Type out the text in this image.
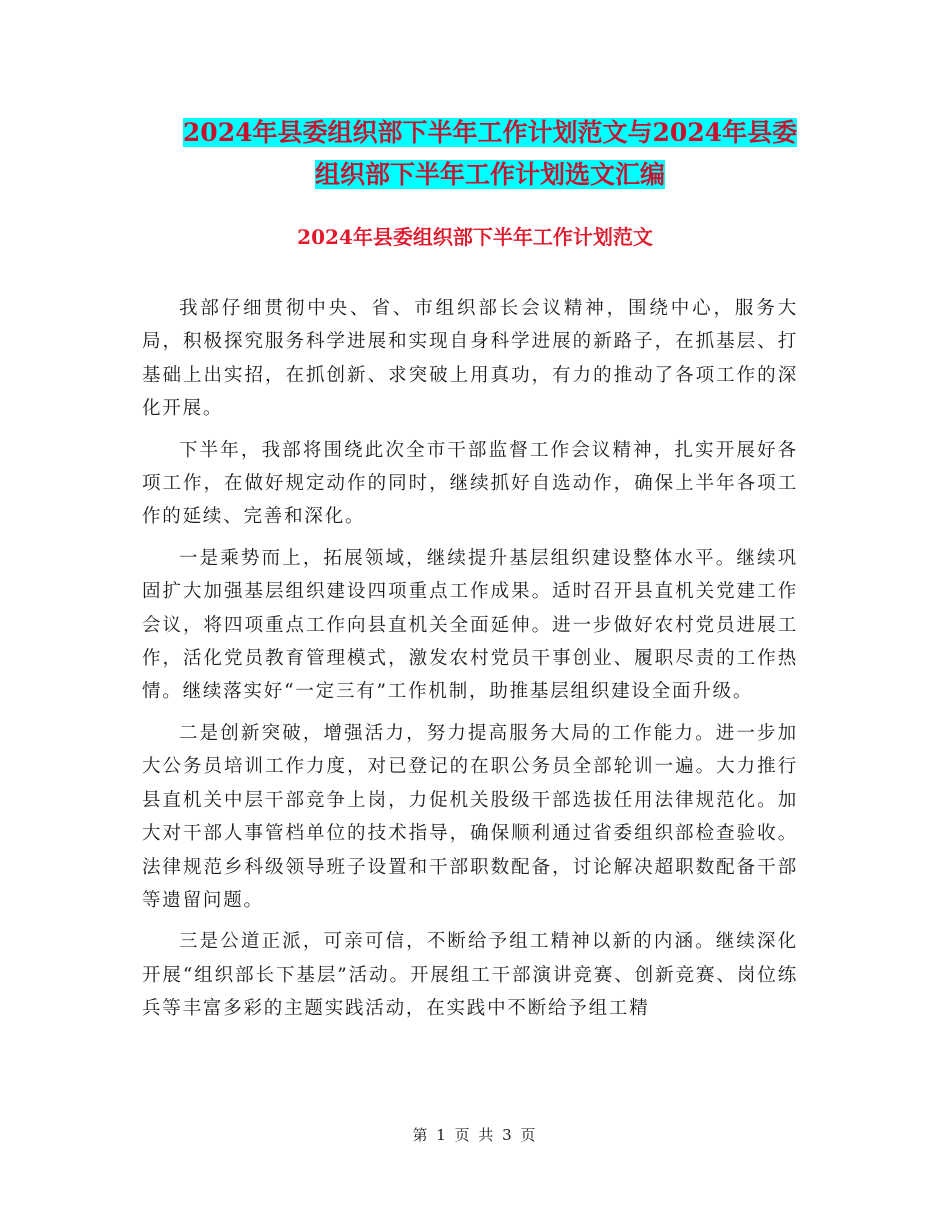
2024年县委组织部下半年工作计划范文与2024年县委
组织部下半年工作计划选文汇编
2024年县委组织部下半年工作计划范文

我部仔细贯彻中央、省、市组织部长会议精神，围绕中心，服务大局，积极探究服务科学进展和实现自身科学进展的新路子，在抓基层、打基础上出实招，在抓创新、求突破上用真功，有力的推动了各项工作的深化开展。

下半年，我部将围绕此次全市干部监督工作会议精神，扎实开展好各项工作，在做好规定动作的同时，继续抓好自选动作，确保上半年各项工作的延续、完善和深化。

一是乘势而上，拓展领域，继续提升基层组织建设整体水平。继续巩固扩大加强基层组织建设四项重点工作成果。适时召开县直机关党建工作会议，将四项重点工作向县直机关全面延伸。进一步做好农村党员进展工作，活化党员教育管理模式，激发农村党员干事创业、履职尽责的工作热情。继续落实好“一定三有”工作机制，助推基层组织建设全面升级。

二是创新突破，增强活力，努力提高服务大局的工作能力。进一步加大公务员培训工作力度，对已登记的在职公务员全部轮训一遍。大力推行县直机关中层干部竞争上岗，力促机关股级干部选拔任用法律规范化。加大对干部人事管档单位的技术指导，确保顺利通过省委组织部检查验收。法律规范乡科级领导班子设置和干部职数配备，讨论解决超职数配备干部等遗留问题。

三是公道正派，可亲可信，不断给予组工精神以新的内涵。继续深化开展“组织部长下基层”活动。开展组工干部演讲竞赛、创新竞赛、岗位练兵等丰富多彩的主题实践活动，在实践中不断给予组工精

第 1 页 共 3 页
